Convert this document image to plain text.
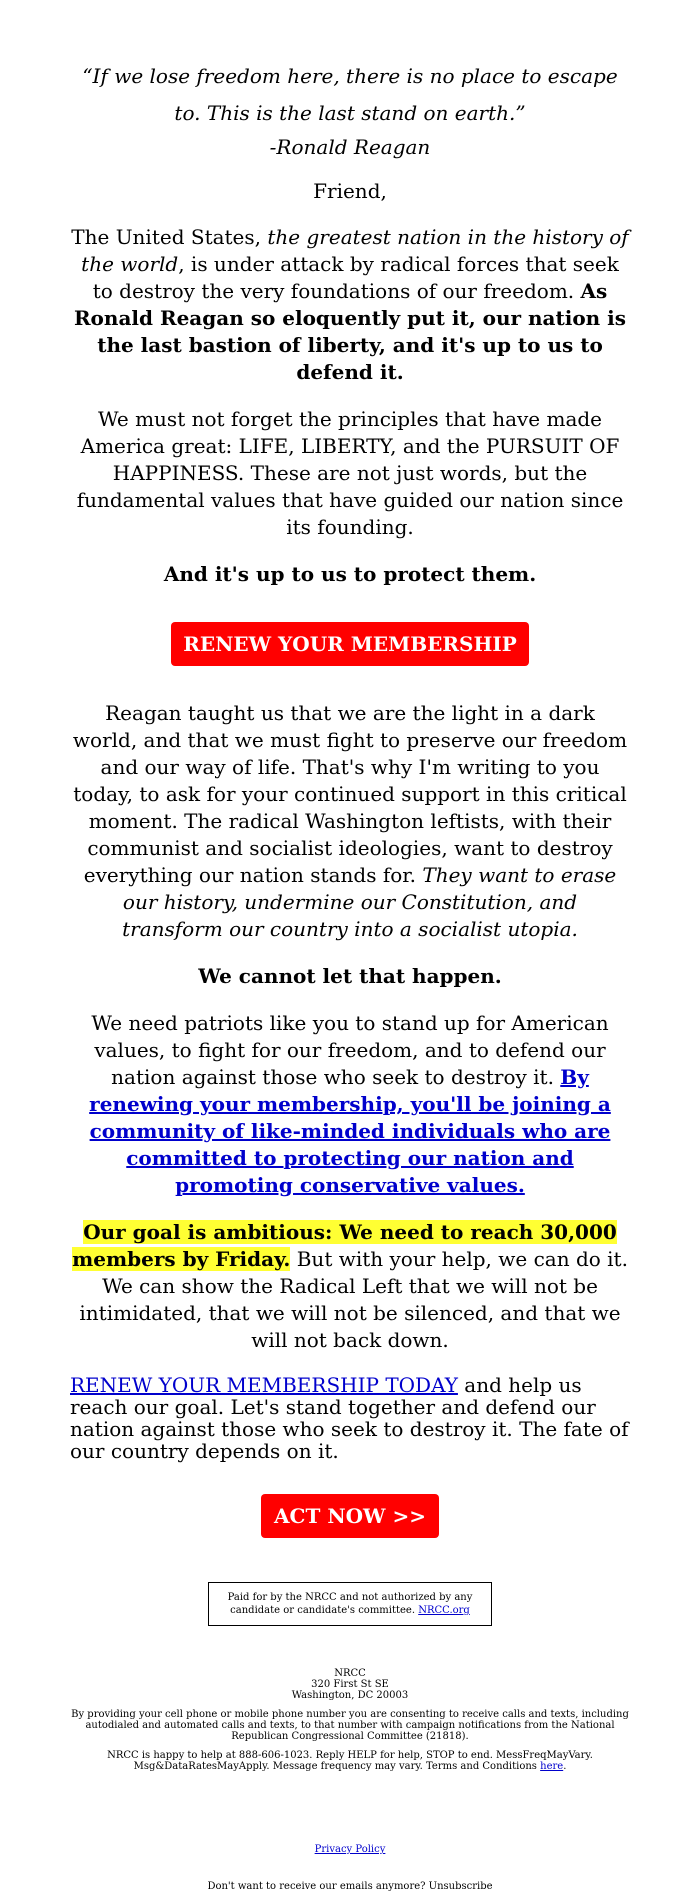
“If we lose freedom here, there is no place to escape to. This is the last stand on earth.”

-Ronald Reagan

Friend,

The United States, the greatest nation in the history of the world, is under attack by radical forces that seek to destroy the very foundations of our freedom. As Ronald Reagan so eloquently put it, our nation is the last bastion of liberty, and it's up to us to defend it.

We must not forget the principles that have made America great: LIFE, LIBERTY, and the PURSUIT OF HAPPINESS. These are not just words, but the fundamental values that have guided our nation since its founding.

And it's up to us to protect them.

RENEW YOUR MEMBERSHIP

Reagan taught us that we are the light in a dark world, and that we must fight to preserve our freedom and our way of life. That's why I'm writing to you today, to ask for your continued support in this critical moment. The radical Washington leftists, with their communist and socialist ideologies, want to destroy everything our nation stands for. They want to erase our history, undermine our Constitution, and transform our country into a socialist utopia.

We cannot let that happen.

We need patriots like you to stand up for American values, to fight for our freedom, and to defend our nation against those who seek to destroy it. By renewing your membership, you'll be joining a community of like-minded individuals who are committed to protecting our nation and promoting conservative values.

Our goal is ambitious: We need to reach 30,000 members by Friday. But with your help, we can do it. We can show the Radical Left that we will not be intimidated, that we will not be silenced, and that we will not back down.

RENEW YOUR MEMBERSHIP TODAY and help us reach our goal. Let's stand together and defend our nation against those who seek to destroy it. The fate of our country depends on it.

ACT NOW >>
Paid for by the NRCC and not authorized by any candidate or candidate's committee. NRCC.org

NRCC

320 First St SE

Washington, DC 20003

By providing your cell phone or mobile phone number you are consenting to receive calls and texts, including autodialed and automated calls and texts, to that number with campaign notifications from the National Republican Congressional Committee (21818).

NRCC is happy to help at 888-606-1023. Reply HELP for help, STOP to end. MessFreqMayVary. Msg&DataRatesMayApply. Message frequency may vary. Terms and Conditions here.

Privacy Policy

Don't want to receive our emails anymore? Unsubscribe
